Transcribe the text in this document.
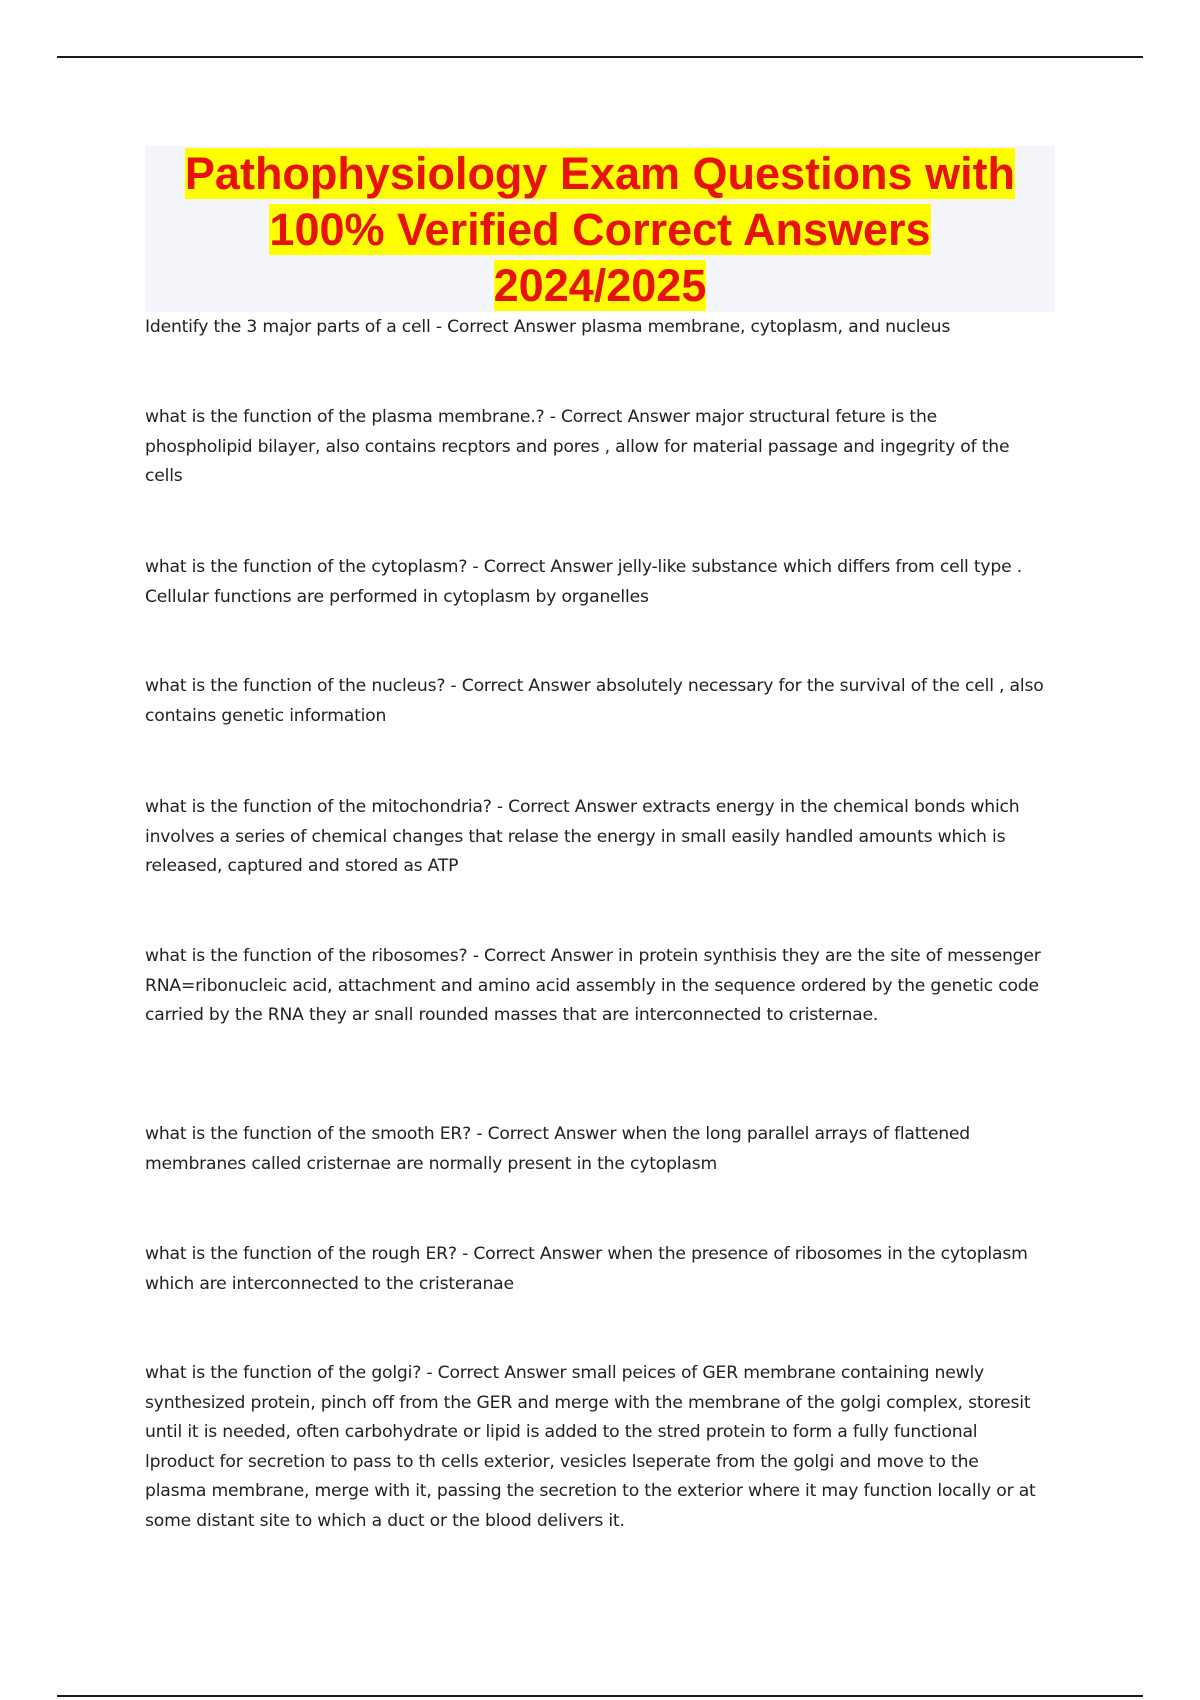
Pathophysiology Exam Questions with
100% Verified Correct Answers
2024/2025

Identify the 3 major parts of a cell - Correct Answer plasma membrane, cytoplasm, and nucleus

what is the function of the plasma membrane.? - Correct Answer major structural feture is the phospholipid bilayer, also contains recptors and pores , allow for material passage and ingegrity of the cells

what is the function of the cytoplasm? - Correct Answer jelly-like substance which differs from cell type . Cellular functions are performed in cytoplasm by organelles

what is the function of the nucleus? - Correct Answer absolutely necessary for the survival of the cell , also contains genetic information

what is the function of the mitochondria? - Correct Answer extracts energy in the chemical bonds which involves a series of chemical changes that relase the energy in small easily handled amounts which is released, captured and stored as ATP

what is the function of the ribosomes? - Correct Answer in protein synthisis they are the site of messenger RNA=ribonucleic acid, attachment and amino acid assembly in the sequence ordered by the genetic code carried by the RNA they ar snall rounded masses that are interconnected to cristernae.

what is the function of the smooth ER? - Correct Answer when the long parallel arrays of flattened membranes called cristernae are normally present in the cytoplasm

what is the function of the rough ER? - Correct Answer when the presence of ribosomes in the cytoplasm which are interconnected to the cristeranae

what is the function of the golgi? - Correct Answer small peices of GER membrane containing newly synthesized protein, pinch off from the GER and merge with the membrane of the golgi complex, storesit until it is needed, often carbohydrate or lipid is added to the stred protein to form a fully functional lproduct for secretion to pass to th cells exterior, vesicles lseperate from the golgi and move to the plasma membrane, merge with it, passing the secretion to the exterior where it may function locally or at some distant site to which a duct or the blood delivers it.
